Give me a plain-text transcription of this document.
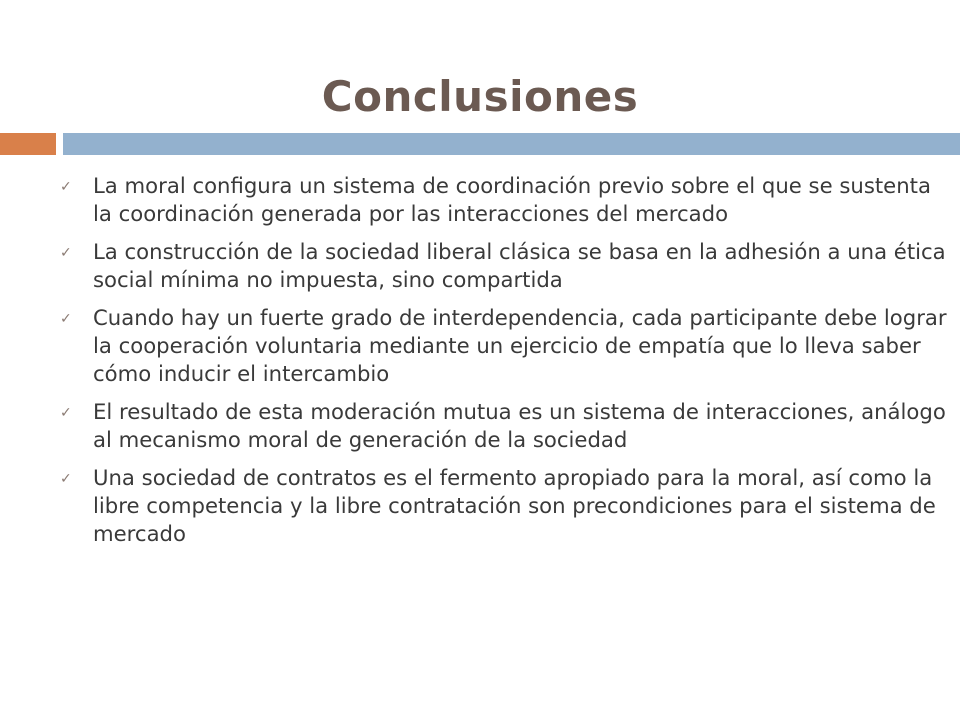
Conclusiones
✓ La moral configura un sistema de coordinación previo sobre el que se sustenta la coordinación generada por las interacciones del mercado
✓ La construcción de la sociedad liberal clásica se basa en la adhesión a una ética social mínima no impuesta, sino compartida
✓ Cuando hay un fuerte grado de interdependencia, cada participante debe lograr la cooperación voluntaria mediante un ejercicio de empatía que lo lleva saber cómo inducir el intercambio
✓ El resultado de esta moderación mutua es un sistema de interacciones, análogo al mecanismo moral de generación de la sociedad
✓ Una sociedad de contratos es el fermento apropiado para la moral, así como la libre competencia y la libre contratación son precondiciones para el sistema de mercado
